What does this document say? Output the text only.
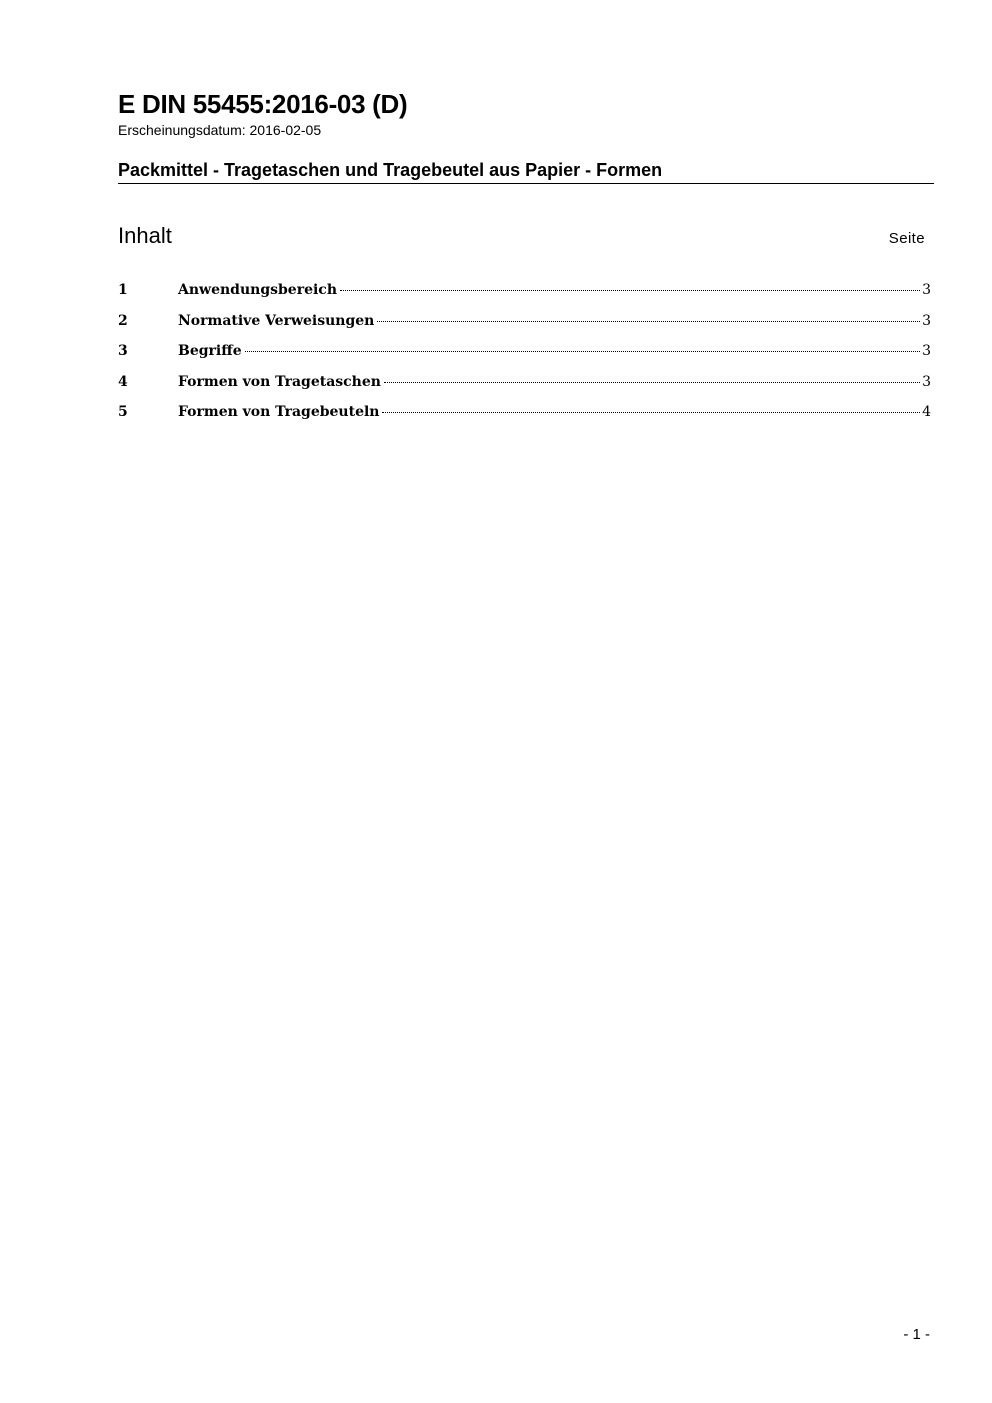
E DIN 55455:2016-03 (D)
Erscheinungsdatum: 2016-02-05
Packmittel - Tragetaschen und Tragebeutel aus Papier - Formen
Inhalt	Seite
1	Anwendungsbereich	3
2	Normative Verweisungen	3
3	Begriffe	3
4	Formen von Tragetaschen	3
5	Formen von Tragebeuteln	4
- 1 -
